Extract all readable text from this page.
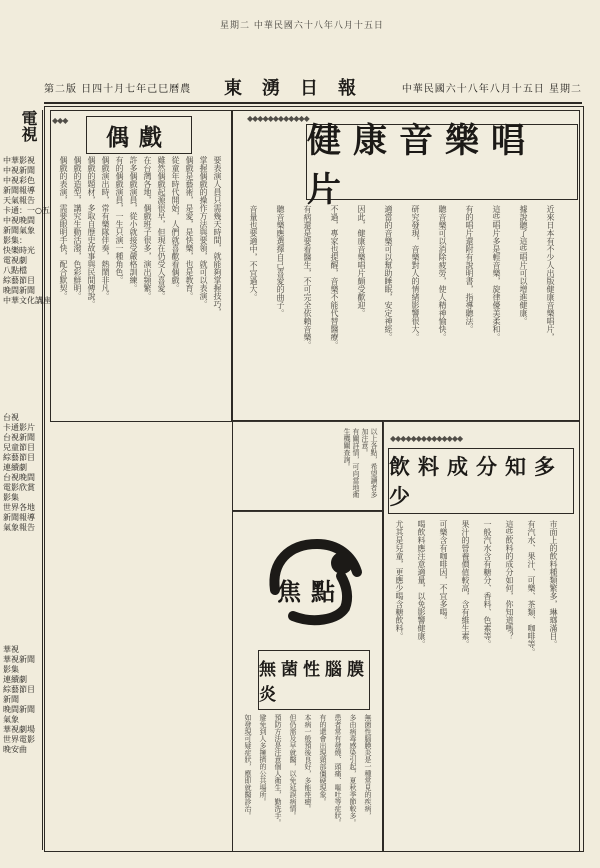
第二版 日四十月七年己巳曆農 東湧日報	中華民國六十八年八月十五日 星期二
星期二 中華民國六十八年八月十五日
電視
中華影視
中視新聞
中視彩色
新聞報導
天氣報告
卡通：一○五
中視晚間
新聞氣象
影集：
快樂時光
電視劇
八點檔
綜藝節目
晚間新聞
中華文化講座
台視
卡通影片
台視新聞
兒童節目
綜藝節目
連續劇
台視晚間
電影欣賞
影集
世界各地
新聞報導
氣象報告
華視
華視新聞
影集
連續劇
綜藝節目
新聞
晚間新聞
氣象
華視劇場
世界電影
晚安曲
偶戲	健康音樂唱片
飲料成分知多少
焦點
無菌性腦膜炎
◆◆◆	◆◆◆◆◆◆◆◆◆◆◆◆
◆◆◆◆◆◆◆◆◆◆◆◆◆◆
要表演人員只需幾天時間，就能夠掌握技巧，
掌握偶戲的操作方法與要領，就可以表演。
偶戲是藝術，是愛，是快樂，也是教育。
從童年時代開始，人們就喜歡看偶戲。
雖然偶戲起源很早，但現在仍受人喜愛。
在台灣各地，偶戲班子很多，演出頻繁。
許多偶戲演員，從小就接受嚴格訓練。
有的偶戲演員，一生只演一種角色。
偶戲演出時，常有樂隊伴奏，熱鬧非凡。
偶戲的題材，多取自歷史故事與民間傳說。
偶戲的造型，講究生動活潑，色彩鮮明。
偶戲的表演，需要眼明手快，配合默契。	近來日本有不少人出版健康音樂唱片，
據說聽了這些唱片可以增進健康。
這些唱片多是輕音樂，旋律優美柔和。
有的唱片還附有說明書，指導聽法。
聽音樂可以消除疲勞，使人精神愉快。
研究發現，音樂對人的情緒影響很大。
適當的音樂可以幫助睡眠，安定神經。
因此，健康音樂唱片頗受歡迎。
不過，專家也提醒，音樂不能代替醫療。
有病還是要看醫生，不可完全依賴音樂。
聽音樂應選擇自己喜愛的曲子。
音量也要適中，不宜過大。
市面上的飲料種類繁多，琳瑯滿目。
有汽水、果汁、可樂、茶類、咖啡等。
這些飲料的成分如何，你知道嗎？
一般汽水含有糖分、香料、色素等。
果汁的營養價值較高，含有維生素。
可樂含有咖啡因，不宜多喝。
喝飲料應注意適量，以免影響健康。
尤其是兒童，更應少喝含糖飲料。
無菌性腦膜炎是一種常見的疾病，
多由病毒感染引起，夏秋季節較多。
患者常有發燒、頭痛、嘔吐等症狀。
有的還會出現頸部僵硬現象。
本病一般預後良好，多能痊癒。
但仍需及早就醫，以免延誤病情。
預防方法是注意個人衛生，勤洗手。
避免到人多擁擠的公共場所。
如發現可疑症狀，應即就醫診治。
以上各點，希望讀者多加注意。
有關詳情，可向當地衛生機關查詢。
